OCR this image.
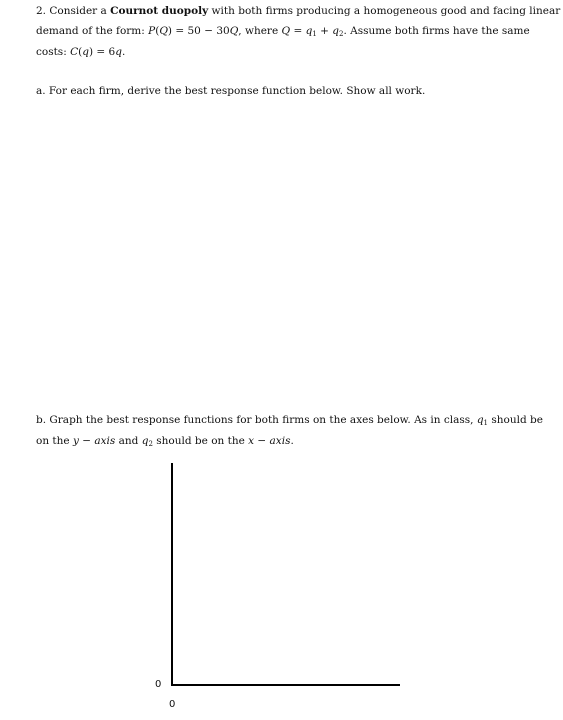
2. Consider a Cournot duopoly with both firms producing a homogeneous good and facing linear
demand of the form: P(Q) = 50 − 30Q, where $Q = q_1 + q_2$. Assume both firms have the same
costs: C(q) = 6q.
a. For each firm, derive the best response function below. Show all work.
b. Graph the best response functions for both firms on the axes below. As in class, $q_1$ should be
on the y − axis and $q_2$ should be on the x − axis.
0
0
